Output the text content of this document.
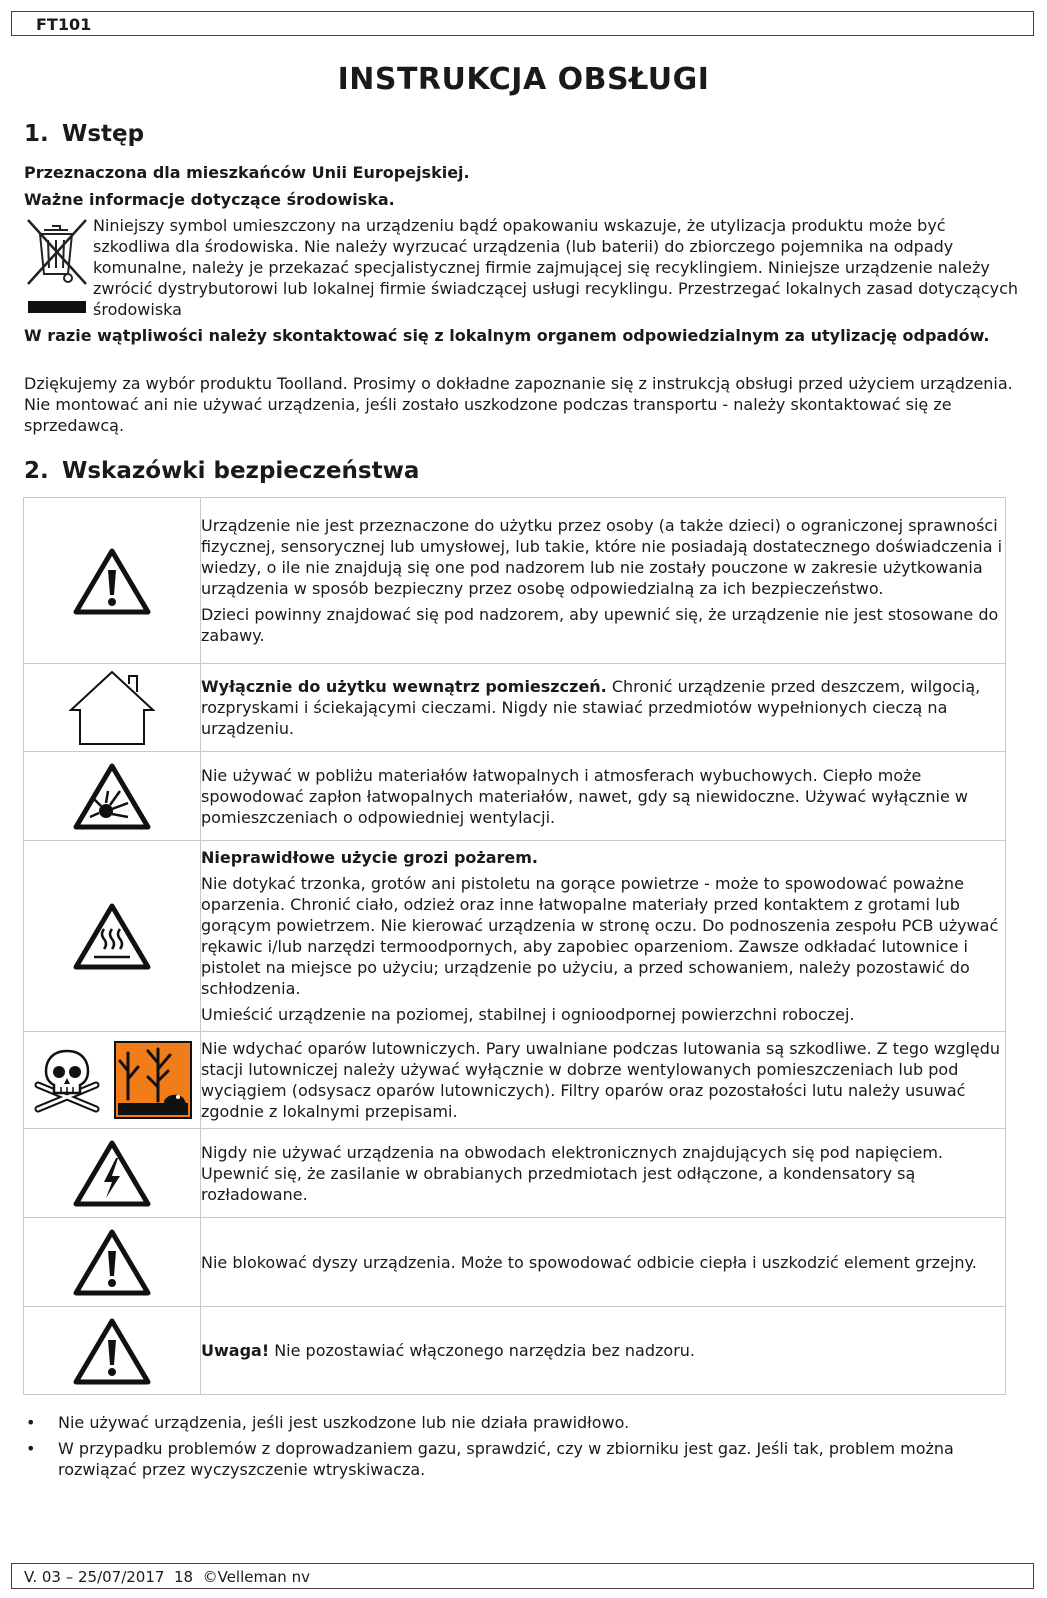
FT101
INSTRUKCJA OBSŁUGI
1. Wstęp
Przeznaczona dla mieszkańców Unii Europejskiej.
Ważne informacje dotyczące środowiska.
Niniejszy symbol umieszczony na urządzeniu bądź opakowaniu wskazuje, że utylizacja produktu może być szkodliwa dla środowiska. Nie należy wyrzucać urządzenia (lub baterii) do zbiorczego pojemnika na odpady komunalne, należy je przekazać specjalistycznej firmie zajmującej się recyklingiem. Niniejsze urządzenie należy zwrócić dystrybutorowi lub lokalnej firmie świadczącej usługi recyklingu. Przestrzegać lokalnych zasad dotyczących środowiska
W razie wątpliwości należy skontaktować się z lokalnym organem odpowiedzialnym za utylizację odpadów.
Dziękujemy za wybór produktu Toolland. Prosimy o dokładne zapoznanie się z instrukcją obsługi przed użyciem urządzenia. Nie montować ani nie używać urządzenia, jeśli zostało uszkodzone podczas transportu - należy skontaktować się ze sprzedawcą.
2. Wskazówki bezpieczeństwa

Urządzenie nie jest przeznaczone do użytku przez osoby (a także dzieci) o ograniczonej sprawności fizycznej, sensorycznej lub umysłowej, lub takie, które nie posiadają dostatecznego doświadczenia i wiedzy, o ile nie znajdują się one pod nadzorem lub nie zostały pouczone w zakresie użytkowania urządzenia w sposób bezpieczny przez osobę odpowiedzialną za ich bezpieczeństwo.

Dzieci powinny znajdować się pod nadzorem, aby upewnić się, że urządzenie nie jest stosowane do zabawy.

Wyłącznie do użytku wewnątrz pomieszczeń. Chronić urządzenie przed deszczem, wilgocią, rozpryskami i ściekającymi cieczami. Nigdy nie stawiać przedmiotów wypełnionych cieczą na urządzeniu.

Nie używać w pobliżu materiałów łatwopalnych i atmosferach wybuchowych. Ciepło może spowodować zapłon łatwopalnych materiałów, nawet, gdy są niewidoczne. Używać wyłącznie w pomieszczeniach o odpowiedniej wentylacji.

Nieprawidłowe użycie grozi pożarem.

Nie dotykać trzonka, grotów ani pistoletu na gorące powietrze - może to spowodować poważne oparzenia. Chronić ciało, odzież oraz inne łatwopalne materiały przed kontaktem z grotami lub gorącym powietrzem. Nie kierować urządzenia w stronę oczu. Do podnoszenia zespołu PCB używać rękawic i/lub narzędzi termoodpornych, aby zapobiec oparzeniom. Zawsze odkładać lutownice i pistolet na miejsce po użyciu; urządzenie po użyciu, a przed schowaniem, należy pozostawić do schłodzenia.

Umieścić urządzenie na poziomej, stabilnej i ognioodpornej powierzchni roboczej.

Nie wdychać oparów lutowniczych. Pary uwalniane podczas lutowania są szkodliwe. Z tego względu stacji lutowniczej należy używać wyłącznie w dobrze wentylowanych pomieszczeniach lub pod wyciągiem (odsysacz oparów lutowniczych). Filtry oparów oraz pozostałości lutu należy usuwać zgodnie z lokalnymi przepisami.

Nigdy nie używać urządzenia na obwodach elektronicznych znajdujących się pod napięciem. Upewnić się, że zasilanie w obrabianych przedmiotach jest odłączone, a kondensatory są rozładowane.

Nie blokować dyszy urządzenia. Może to spowodować odbicie ciepła i uszkodzić element grzejny.

Uwaga! Nie pozostawiać włączonego narzędzia bez nadzoru.

• Nie używać urządzenia, jeśli jest uszkodzone lub nie działa prawidłowo.
• W przypadku problemów z doprowadzaniem gazu, sprawdzić, czy w zbiorniku jest gaz. Jeśli tak, problem można rozwiązać przez wyczyszczenie wtryskiwacza.
V. 03 – 25/07/2017  18  ©Velleman nv
